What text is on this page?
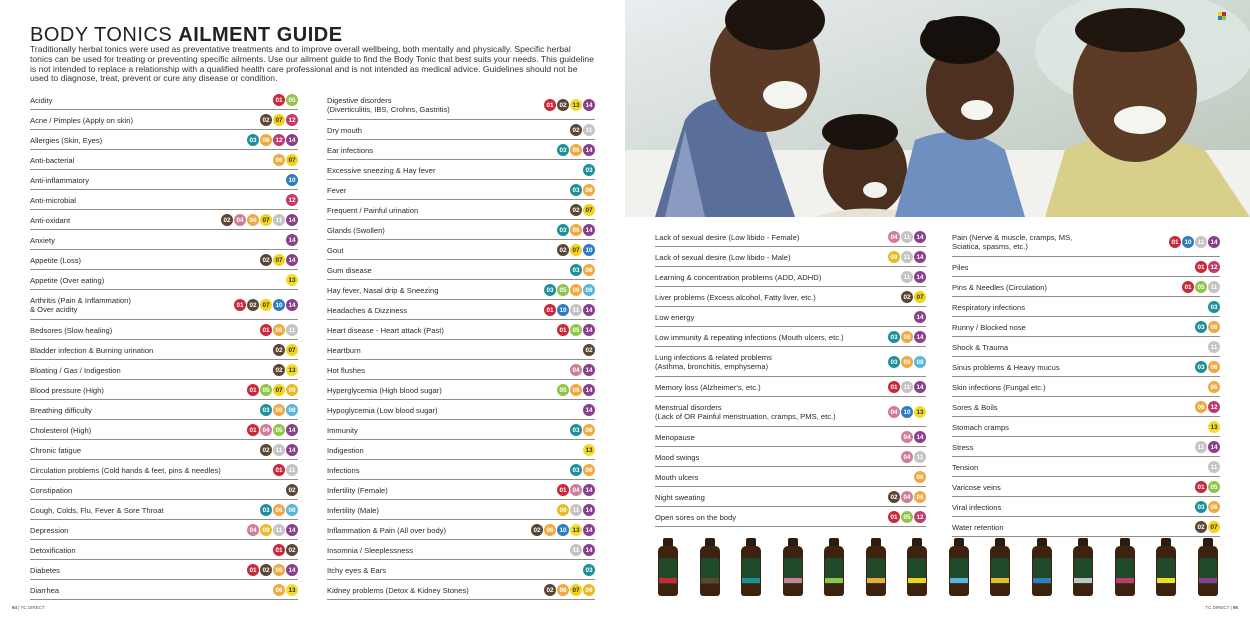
BODY TONICS AILMENT GUIDE
Traditionally herbal tonics were used as preventative treatments and to improve overall wellbeing, both mentally and physically. Specific herbal tonics can be used for treating or preventing specific ailments. Use our ailment guide to find the Body Tonic that best suits your needs. This guideline is not intended to replace a relationship with a qualified health care professional and is not intended as medical advice. Guidelines should not be used to diagnose, treat, prevent or cure any disease or condition.
Acidity	01 05
Acne / Pimples (Apply on skin)	02 07 12
Allergies (Skin, Eyes)	03 06 12 14
Anti-bacterial	06 07
Anti-inflammatory	10
Anti-microbial	12
Anti-oxidant	02 04 06 07 11 14
Anxiety	14
Appetite (Loss)	02 07 14
Appetite (Over eating)	13
Arthritis (Pain & Inflammation)
& Over acidity	01 02 07 10 14
Bedsores (Slow healing)	01 06 11
Bladder infection & Burning urination	02 07
Bloating / Gas / Indigestion	02 13
Blood pressure (High)	01 05 07 09
Breathing difficulty	03 06 08
Cholesterol (High)	01 04 05 14
Chronic fatigue	02 11 14
Circulation problems (Cold hands & feet, pins & needles)	01 11
Constipation	02
Cough, Colds, Flu, Fever & Sore Throat	03 06 08
Depression	04 09 11 14
Detoxification	01 02
Diabetes	01 02 06 14
Diarrhea	06 13
Digestive disorders
(Diverticulitis, IBS, Crohns, Gastritis)	01 02 13 14
Dry mouth	02 11
Ear infections	03 06 14
Excessive sneezing & Hay fever	03
Fever	03 06
Frequent / Painful urination	02 07
Glands (Swollen)	03 06 14
Gout	02 07 10
Gum disease	03 06
Hay fever, Nasal drip & Sneezing	03 05 06 08
Headaches & Dizziness	01 10 11 14
Heart disease - Heart attack (Past)	01 05 14
Heartburn	02
Hot flushes	04 14
Hyperglycemia (High blood sugar)	05 06 14
Hypoglycemia (Low blood sugar)	14
Immunity	03 06
Indigestion	13
Infections	03 06
Infertility (Female)	01 04 14
Infertility (Male)	09 11 14
Inflammation & Pain (All over body)	02 06 10 13 14
Insomnia / Sleeplessness	11 14
Itchy eyes & Ears	03
Kidney problems (Detox & Kidney Stones)	02 06 07 09
94 | TC DIRECT
Lack of sexual desire (Low libido - Female)	04 11 14
Lack of sexual desire (Low libido - Male)	09 11 14
Learning & concentration problems (ADD, ADHD)	11 14
Liver problems (Excess alcohol, Fatty liver, etc.)	02 07
Low energy	14
Low immunity & repeating infections (Mouth ulcers, etc.)	03 06 14
Lung infections & related problems
(Asthma, bronchitis, emphysema)	03 06 08
Memory loss (Alzheimer's, etc.)	01 11 14
Menstrual disorders
(Lack of OR Painful menstruation, cramps, PMS, etc.)	04 10 13
Menopause	04 14
Mood swings	04 11
Mouth ulcers	06
Night sweating	02 04 06
Open sores on the body	01 05 12
Pain (Nerve & muscle, cramps, MS,
Sciatica, spasms, etc.)	01 10 11 14
Piles	01 12
Pins & Needles (Circulation)	01 05 11
Respiratory infections	03
Runny / Blocked nose	03 06
Shock & Trauma	11
Sinus problems & Heavy mucus	03 06
Skin infections (Fungal etc.)	06
Sores & Boils	06 12
Stomach cramps	13
Stress	11 14
Tension	11
Varicose veins	01 05
Viral infections	03 06
Water retention	02 07
TC DIRECT | 95
